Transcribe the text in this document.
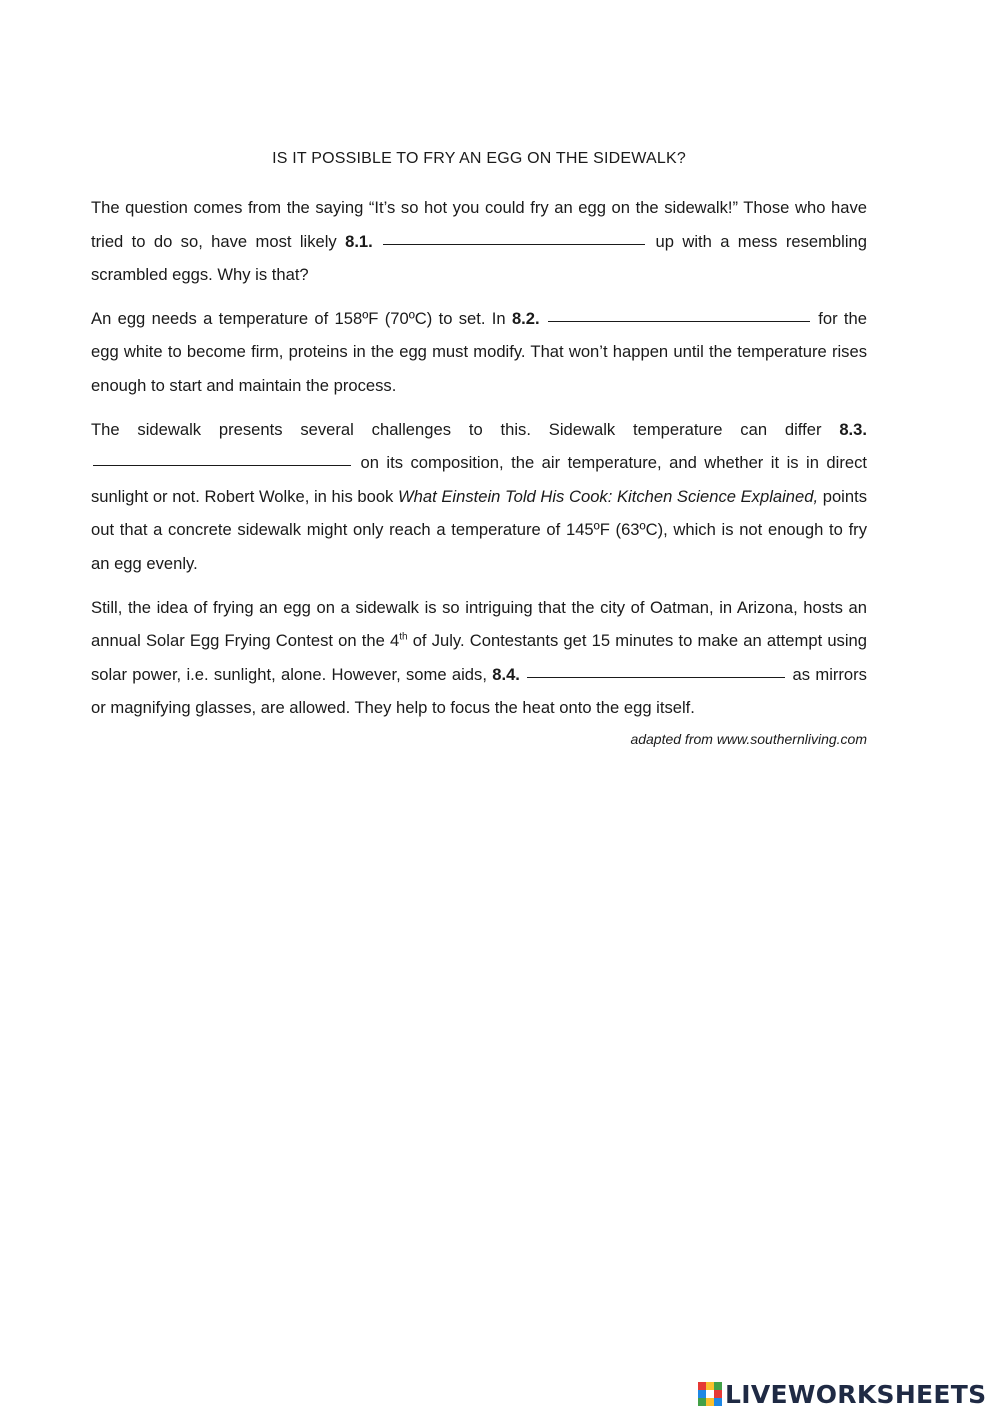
IS IT POSSIBLE TO FRY AN EGG ON THE SIDEWALK?

The question comes from the saying “It’s so hot you could fry an egg on the sidewalk!” Those who have tried to do so, have most likely 8.1.	up with a mess resembling scrambled eggs. Why is that?

An egg needs a temperature of 158ºF (70ºC) to set. In 8.2.	for the egg white to become firm, proteins in the egg must modify. That won’t happen until the temperature rises enough to start and maintain the process.

The sidewalk presents several challenges to this. Sidewalk temperature can differ 8.3.  on its composition, the air temperature, and whether it is in direct sunlight or not. Robert Wolke, in his book What Einstein Told His Cook: Kitchen Science Explained, points out that a concrete sidewalk might only reach a temperature of 145ºF (63ºC), which is not enough to fry an egg evenly.

Still, the idea of frying an egg on a sidewalk is so intriguing that the city of Oatman, in Arizona, hosts an annual Solar Egg Frying Contest on the 4th of July. Contestants get 15 minutes to make an attempt using solar power, i.e. sunlight, alone. However, some aids, 8.4.	as mirrors or magnifying glasses, are allowed. They help to focus the heat onto the egg itself.

adapted from www.southernliving.com
LIVEWORKSHEETS
